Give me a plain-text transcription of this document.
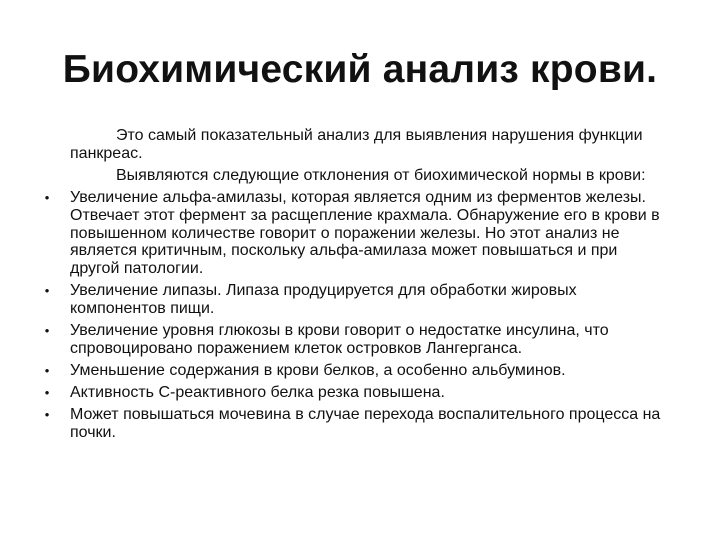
Биохимический анализ крови.

Это самый показательный анализ для выявления нарушения функции панкреас.

Выявляются следующие отклонения от биохимической нормы в крови:

• Увеличение альфа-амилазы, которая является одним из ферментов железы. Отвечает этот фермент за расщепление крахмала. Обнаружение его в крови в повышенном количестве говорит о поражении железы. Но этот анализ не является критичным, поскольку альфа-амилаза может повышаться и при другой патологии.
• Увеличение липазы. Липаза продуцируется для обработки жировых компонентов пищи.
• Увеличение уровня глюкозы в крови говорит о недостатке инсулина, что спровоцировано поражением клеток островков Лангерганса.
• Уменьшение содержания в крови белков, а особенно альбуминов.
• Активность С-реактивного белка резка повышена.
• Может повышаться мочевина в случае перехода воспалительного процесса на почки.
